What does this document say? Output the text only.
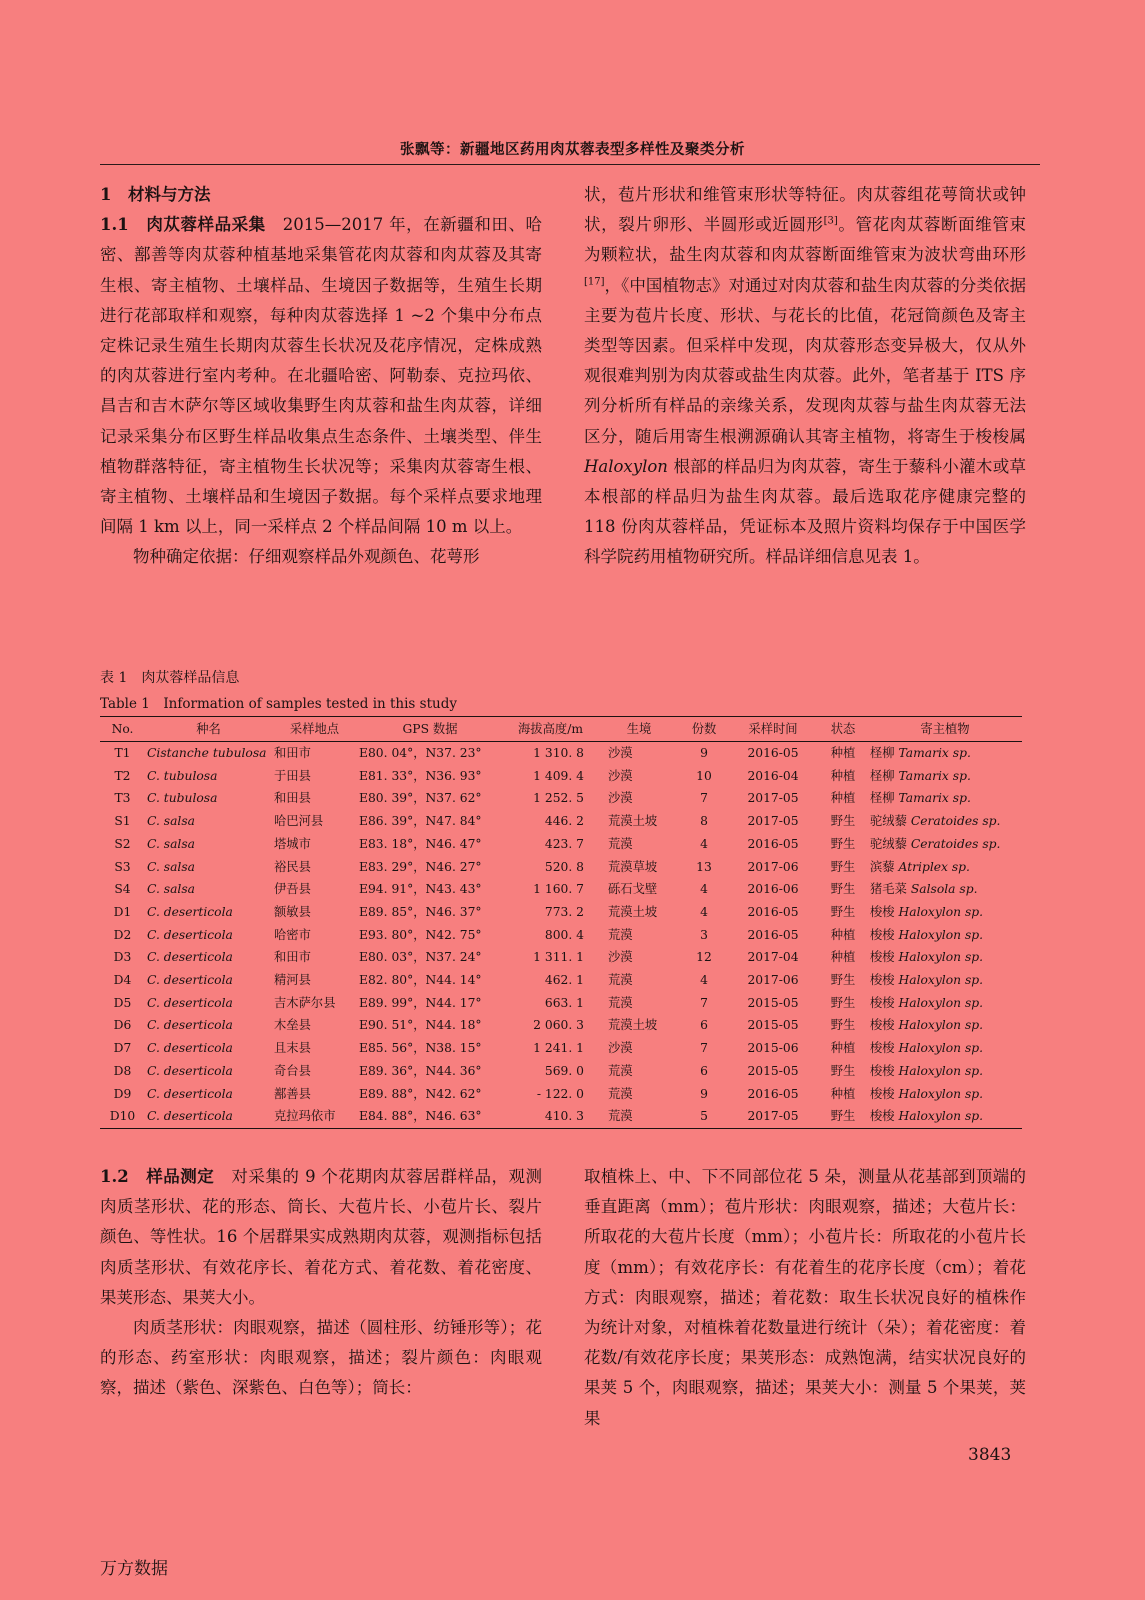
张飘等：新疆地区药用肉苁蓉表型多样性及聚类分析

1　材料与方法

1.1　 肉苁蓉样品采集　 2015—2017 年，在新疆和田、哈密、鄯善等肉苁蓉种植基地采集管花肉苁蓉和肉苁蓉及其寄生根、寄主植物、土壤样品、生境因子数据等，生殖生长期进行花部取样和观察，每种肉苁蓉选择 1 ~2 个集中分布点定株记录生殖生长期肉苁蓉生长状况及花序情况，定株成熟的肉苁蓉进行室内考种。在北疆哈密、阿勒泰、克拉玛依、昌吉和吉木萨尔等区域收集野生肉苁蓉和盐生肉苁蓉，详细记录采集分布区野生样品收集点生态条件、土壤类型、伴生植物群落特征，寄主植物生长状况等；采集肉苁蓉寄生根、寄主植物、土壤样品和生境因子数据。每个采样点要求地理间隔 1 km 以上，同一采样点 2 个样品间隔 10 m 以上。

物种确定依据：仔细观察样品外观颜色、花萼形

状，苞片形状和维管束形状等特征。肉苁蓉组花萼筒状或钟状，裂片卵形、半圆形或近圆形[3]。管花肉苁蓉断面维管束为颗粒状，盐生肉苁蓉和肉苁蓉断面维管束为波状弯曲环形[17]，《中国植物志》对通过对肉苁蓉和盐生肉苁蓉的分类依据主要为苞片长度、形状、与花长的比值，花冠筒颜色及寄主类型等因素。但采样中发现，肉苁蓉形态变异极大，仅从外观很难判别为肉苁蓉或盐生肉苁蓉。此外，笔者基于 ITS 序列分析所有样品的亲缘关系，发现肉苁蓉与盐生肉苁蓉无法区分，随后用寄生根溯源确认其寄主植物，将寄生于梭梭属 Haloxylon 根部的样品归为肉苁蓉，寄生于藜科小灌木或草本根部的样品归为盐生肉苁蓉。最后选取花序健康完整的 118 份肉苁蓉样品，凭证标本及照片资料均保存于中国医学科学院药用植物研究所。样品详细信息见表 1。

表 1　肉苁蓉样品信息
Table 1　Information of samples tested in this study
No.	种名	采样地点	GPS 数据	海拔高度/m	生境	份数	采样时间	状态	寄主植物
T1	Cistanche tubulosa	和田市	E80. 04°，N37. 23°	1 310. 8	沙漠	9	2016-05	种植	柽柳 Tamarix sp.
T2	C. tubulosa	于田县	E81. 33°，N36. 93°	1 409. 4	沙漠	10	2016-04	种植	柽柳 Tamarix sp.
T3	C. tubulosa	和田县	E80. 39°，N37. 62°	1 252. 5	沙漠	7	2017-05	种植	柽柳 Tamarix sp.
S1	C. salsa	哈巴河县	E86. 39°，N47. 84°	446. 2	荒漠土坡	8	2017-05	野生	驼绒藜 Ceratoides sp.
S2	C. salsa	塔城市	E83. 18°，N46. 47°	423. 7	荒漠	4	2016-05	野生	驼绒藜 Ceratoides sp.
S3	C. salsa	裕民县	E83. 29°，N46. 27°	520. 8	荒漠草坡	13	2017-06	野生	滨藜 Atriplex sp.
S4	C. salsa	伊吾县	E94. 91°，N43. 43°	1 160. 7	砾石戈壁	4	2016-06	野生	猪毛菜 Salsola sp.
D1	C. deserticola	额敏县	E89. 85°，N46. 37°	773. 2	荒漠土坡	4	2016-05	野生	梭梭 Haloxylon sp.
D2	C. deserticola	哈密市	E93. 80°，N42. 75°	800. 4	荒漠	3	2016-05	种植	梭梭 Haloxylon sp.
D3	C. deserticola	和田市	E80. 03°，N37. 24°	1 311. 1	沙漠	12	2017-04	种植	梭梭 Haloxylon sp.
D4	C. deserticola	精河县	E82. 80°，N44. 14°	462. 1	荒漠	4	2017-06	野生	梭梭 Haloxylon sp.
D5	C. deserticola	吉木萨尔县	E89. 99°，N44. 17°	663. 1	荒漠	7	2015-05	野生	梭梭 Haloxylon sp.
D6	C. deserticola	木垒县	E90. 51°，N44. 18°	2 060. 3	荒漠土坡	6	2015-05	野生	梭梭 Haloxylon sp.
D7	C. deserticola	且末县	E85. 56°，N38. 15°	1 241. 1	沙漠	7	2015-06	种植	梭梭 Haloxylon sp.
D8	C. deserticola	奇台县	E89. 36°，N44. 36°	569. 0	荒漠	6	2015-05	野生	梭梭 Haloxylon sp.
D9	C. deserticola	鄯善县	E89. 88°，N42. 62°	- 122. 0	荒漠	9	2016-05	种植	梭梭 Haloxylon sp.
D10	C. deserticola	克拉玛依市	E84. 88°，N46. 63°	410. 3	荒漠	5	2017-05	野生	梭梭 Haloxylon sp.

1.2　 样品测定　 对采集的 9 个花期肉苁蓉居群样品，观测肉质茎形状、花的形态、筒长、大苞片长、小苞片长、裂片颜色、等性状。16 个居群果实成熟期肉苁蓉，观测指标包括肉质茎形状、有效花序长、着花方式、着花数、着花密度、果荚形态、果荚大小。

肉质茎形状：肉眼观察，描述（圆柱形、纺锤形等）；花的形态、药室形状：肉眼观察，描述；裂片颜色：肉眼观察，描述（紫色、深紫色、白色等）；筒长：

取植株上、中、下不同部位花 5 朵，测量从花基部到顶端的垂直距离（mm）；苞片形状：肉眼观察，描述；大苞片长：所取花的大苞片长度（mm）；小苞片长：所取花的小苞片长度（mm）；有效花序长：有花着生的花序长度（cm）；着花方式：肉眼观察，描述；着花数：取生长状况良好的植株作为统计对象，对植株着花数量进行统计（朵）；着花密度：着花数/有效花序长度；果荚形态：成熟饱满，结实状况良好的果荚 5 个，肉眼观察，描述；果荚大小：测量 5 个果荚，荚果

3843
万方数据
